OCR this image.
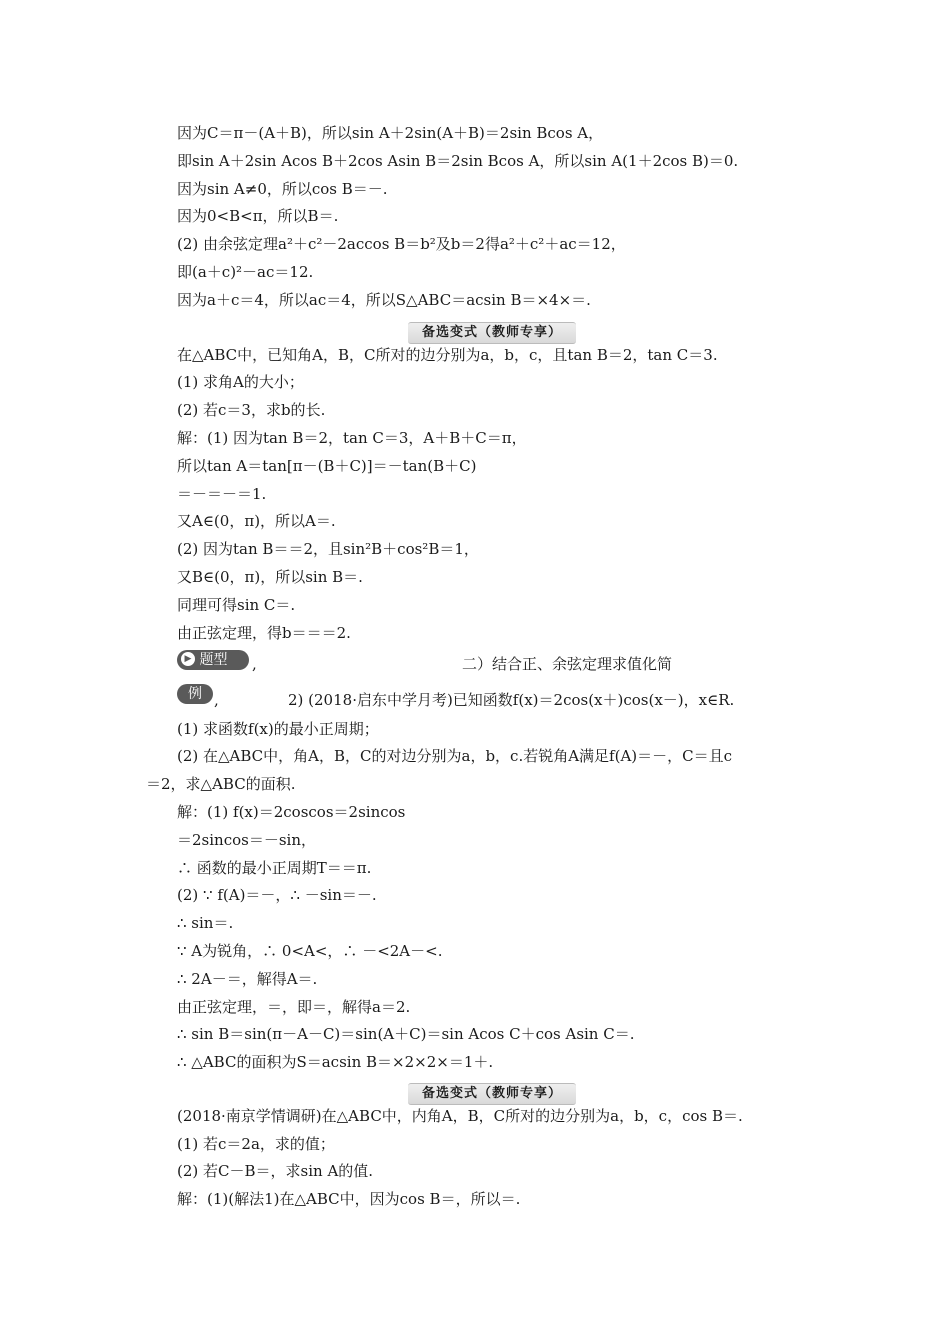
因为C＝π－(A＋B)，所以sin A＋2sin(A＋B)＝2sin Bcos A，
即sin A＋2sin Acos B＋2cos Asin B＝2sin Bcos A，所以sin A(1＋2cos B)＝0.
因为sin A≠0，所以cos B＝－.
因为0<B<π，所以B＝.
(2) 由余弦定理a²＋c²－2accos B＝b²及b＝2得a²＋c²＋ac＝12，
即(a＋c)²－ac＝12.
因为a＋c＝4，所以ac＝4，所以S△ABC＝acsin B＝×4×＝.
备选变式（教师专享）
在△ABC中，已知角A，B，C所对的边分别为a，b，c，且tan B＝2，tan C＝3.
(1) 求角A的大小；
(2) 若c＝3，求b的长.
解：(1) 因为tan B＝2，tan C＝3，A＋B＋C＝π，
所以tan A＝tan[π－(B＋C)]＝－tan(B＋C)
＝－＝－＝1.
又A∈(0，π)，所以A＝.
(2) 因为tan B＝＝2，且sin²B＋cos²B＝1，
又B∈(0，π)，所以sin B＝.
同理可得sin C＝.
由正弦定理，得b＝＝＝2.
▶ 题型	,	二）结合正、余弦定理求值化简
例 ,	2) (2018·启东中学月考)已知函数f(x)＝2cos(x＋)cos(x－)，x∈R.
(1) 求函数f(x)的最小正周期；
(2) 在△ABC中，角A，B，C的对边分别为a，b，c.若锐角A满足f(A)＝－，C＝且c
＝2，求△ABC的面积.
解：(1) f(x)＝2coscos＝2sincos
＝2sincos＝－sin，
∴ 函数的最小正周期T＝＝π.
(2) ∵ f(A)＝－，∴ －sin＝－.
∴ sin＝.
∵ A为锐角，∴ 0<A<，∴ －<2A－<.
∴ 2A－＝，解得A＝.
由正弦定理，＝，即＝，解得a＝2.
∴ sin B＝sin(π－A－C)＝sin(A＋C)＝sin Acos C＋cos Asin C＝.
∴ △ABC的面积为S＝acsin B＝×2×2×＝1＋.
备选变式（教师专享）
(2018·南京学情调研)在△ABC中，内角A，B，C所对的边分别为a，b，c，cos B＝.
(1) 若c＝2a，求的值；
(2) 若C－B＝，求sin A的值.
解：(1)(解法1)在△ABC中，因为cos B＝，所以＝.
